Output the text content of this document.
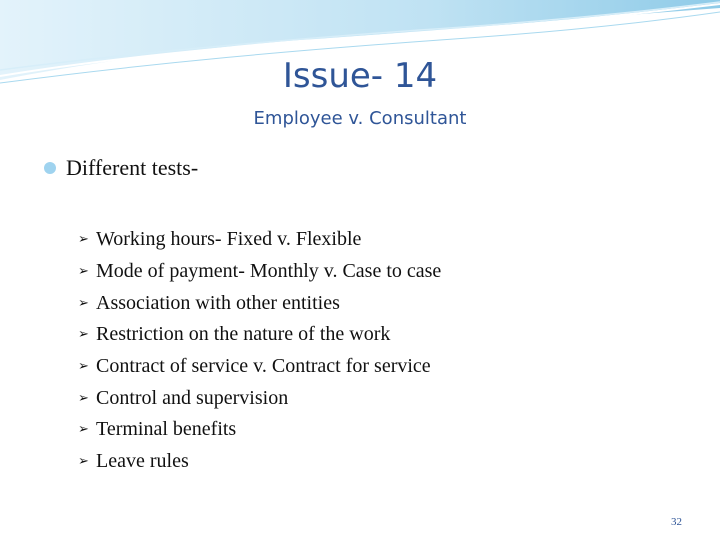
Issue- 14
Employee v. Consultant
Different tests-
➢ Working hours- Fixed v. Flexible
➢ Mode of payment- Monthly v. Case to case
➢ Association with other entities
➢ Restriction on the nature of the work
➢ Contract of service v. Contract for service
➢ Control and supervision
➢ Terminal benefits
➢ Leave rules
32
